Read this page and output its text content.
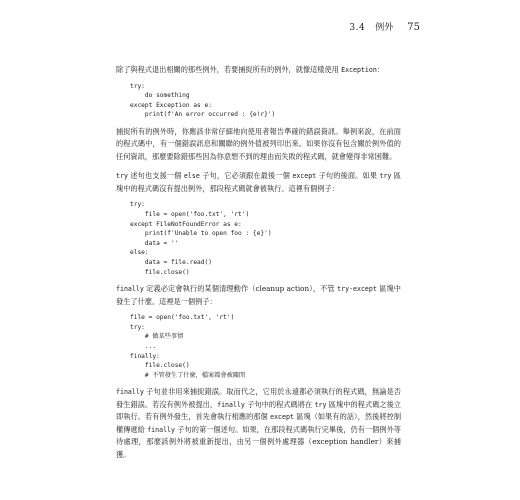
3.4 例外 75

除了與程式退出相關的那些例外，若要捕捉所有的例外，就像這樣使用 Exception：

try:
do something
except Exception as e:
print(f'An error occurred : {e!r}')

捕捉所有的例外時，你應該非常仔細地向使用者報告準確的錯誤資訊。舉例來說，在前面的程式碼中，有一個錯誤訊息和關聯的例外值被列印出來。如果你沒有包含關於例外值的任何資訊，那麼要除錯那些因為你意想不到的理由而失敗的程式碼，就會變得非常困難。

try 述句也支援一個 else 子句，它必須跟在最後一個 except 子句的後面。如果 try 區塊中的程式碼沒有提出例外，那段程式碼就會被執行。這裡有個例子：

try:
file = open('foo.txt', 'rt')
except FileNotFoundError as e:
print(f'Unable to open foo : {e}')
data = ''
else:
data = file.read()
file.close()

finally 定義必定會執行的某個清理動作（cleanup action），不管 try-except 區塊中發生了什麼。這裡是一個例子：

file = open('foo.txt', 'rt')
try:
# 做某些事情
...
finally:
file.close()
# 不管發生了什麼，檔案都會被關閉

finally 子句並非用來捕捉錯誤。取而代之，它用於永遠都必須執行的程式碼，無論是否發生錯誤。若沒有例外被提出，finally 子句中的程式碼將在 try 區塊中的程式碼之後立即執行。若有例外發生，首先會執行相應的那個 except 區塊（如果有的話），然後將控制權傳遞給 finally 子句的第一個述句。如果，在那段程式碼執行完畢後，仍有一個例外等待處理，那麼該例外將被重新提出，由另一個例外處理器（exception handler）來捕獲。
